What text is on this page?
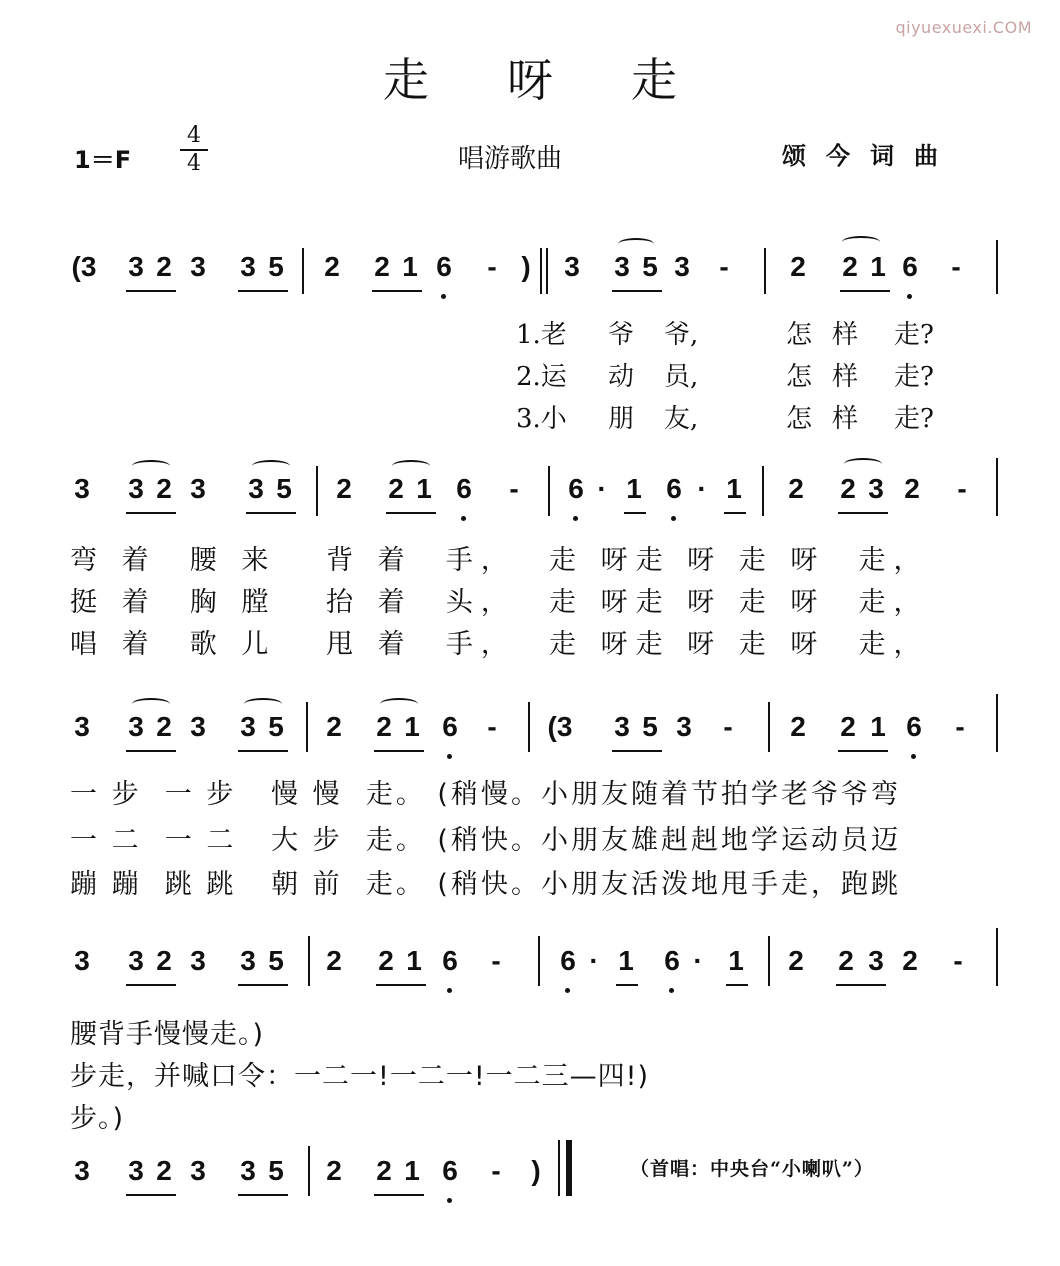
qiyuexuexi.COM
走呀走
1＝F
4
4	唱游歌曲	颂今词曲
(3	3 2 3 3 5 2 2 1 6 - ) 3 3 5 3 - 2 2 1 6 -
1.老 爷 爷,	怎 样 走?
2.运 动 员,	怎 样 走?
3.小 朋 友,	怎 样 走?
3 3 2 3 3 5 2 2 1 6 - 6 · 1 6 · 1 2 2 3 2 -
弯 着  腰 来   背 着  手，  走 呀走 呀 走 呀  走，
挺 着  胸 膛   抬 着  头，  走 呀走 呀 走 呀  走，
唱 着  歌 儿   甩 着  手，  走 呀走 呀 走 呀  走，
3 3 2 3 3 5 2 2 1 6 -	(3	3 5 3 - 2 2 1 6 -
一 步  一 步   慢 慢  走。 (稍慢。小朋友随着节拍学老爷爷弯
一 二  一 二   大 步  走。 (稍快。小朋友雄赳赳地学运动员迈
蹦 蹦  跳 跳   朝 前  走。 (稍快。小朋友活泼地甩手走，跑跳
3 3 2 3 3 5 2 2 1 6 - 6 · 1 6 · 1 2 2 3 2 -
腰背手慢慢走。)
步走，并喊口令：一二一!一二一!一二三—四!)
步。)
3 3 2 3 3 5 2 2 1 6 - )	（首唱：中央台“小喇叭”）
